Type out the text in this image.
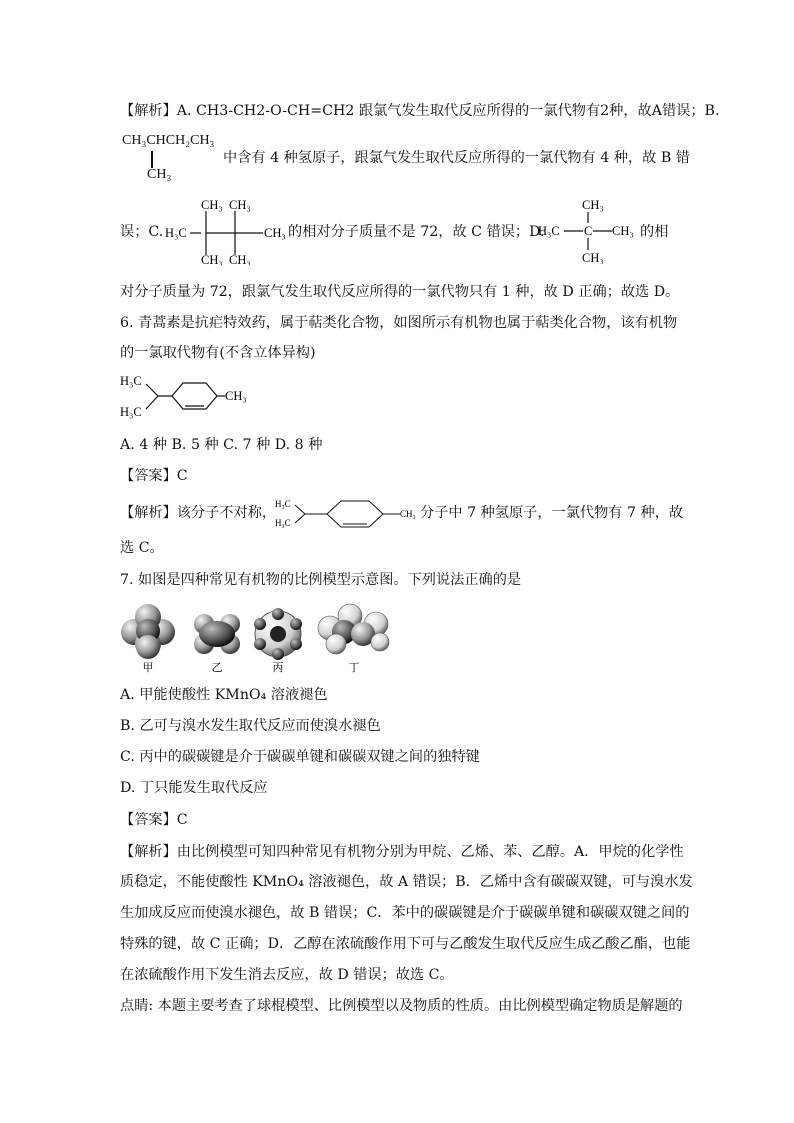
【解析】A. CH3-CH2-O-CH=CH2 跟氯气发生取代反应所得的一氯代物有2种，故A错误；B.
CH₃CHCH₂CH₃
CH₃
中含有 4 种氢原子，跟氯气发生取代反应所得的一氯代物有 4 种，故 B 错
误；C. H₃C
CH₃ CH₃
CH₃ CH₃
CH₃ 的相对分子质量不是 72，故 C 错误；D.
H₃C C
CH₃
CH₃
CH₃ 的相
对分子质量为 72，跟氯气发生取代反应所得的一氯代物只有 1 种，故 D 正确；故选 D。
6. 青蒿素是抗疟特效药，属于萜类化合物，如图所示有机物也属于萜类化合物，该有机物
的一氯取代物有(不含立体异构)
H₃C
H₃C
CH₃
A. 4 种 B. 5 种 C. 7 种 D. 8 种
【答案】C
【解析】该分子不对称，
H₃C
H₃C
CH₃ 分子中 7 种氢原子，一氯代物有 7 种，故
选 C。
7. 如图是四种常见有机物的比例模型示意图。下列说法正确的是
甲	乙	丙	丁
A. 甲能使酸性 KMnO₄ 溶液褪色
B. 乙可与溴水发生取代反应而使溴水褪色
C. 丙中的碳碳键是介于碳碳单键和碳碳双键之间的独特键
D. 丁只能发生取代反应
【答案】C
【解析】由比例模型可知四种常见有机物分别为甲烷、乙烯、苯、乙醇。A．甲烷的化学性
质稳定，不能使酸性 KMnO₄ 溶液褪色，故 A 错误；B．乙烯中含有碳碳双键，可与溴水发
生加成反应而使溴水褪色，故 B 错误；C．苯中的碳碳键是介于碳碳单键和碳碳双键之间的
特殊的键，故 C 正确；D．乙醇在浓硫酸作用下可与乙酸发生取代反应生成乙酸乙酯，也能
在浓硫酸作用下发生消去反应，故 D 错误；故选 C。
点睛: 本题主要考查了球棍模型、比例模型以及物质的性质。由比例模型确定物质是解题的
